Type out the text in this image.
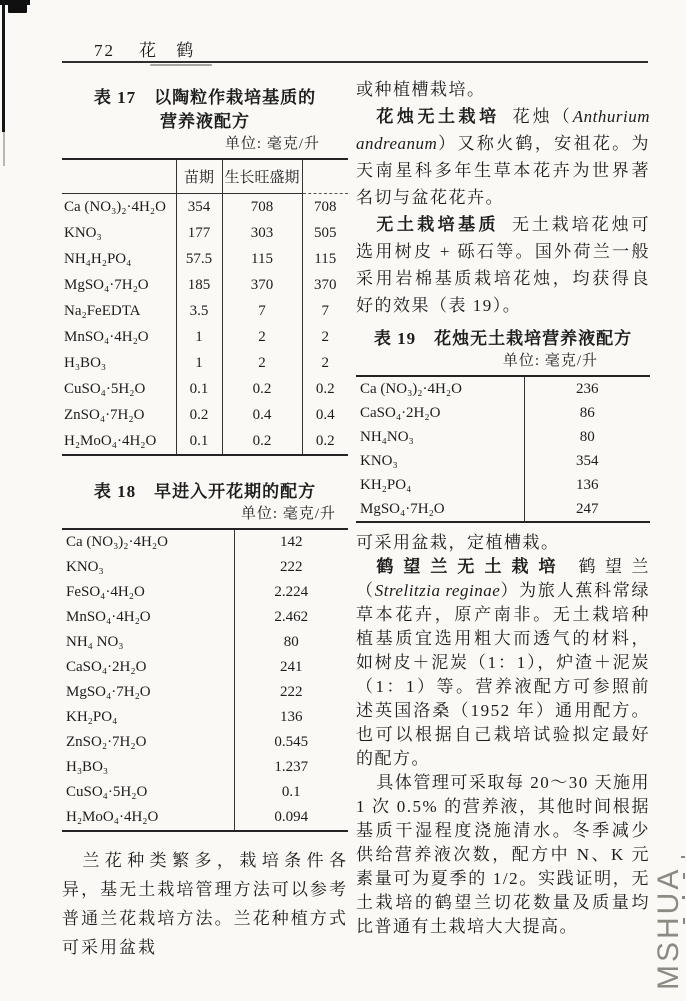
72 花 鹤
表 17　以陶粒作栽培基质的
营养液配方
单位: 毫克/升
	苗期	生长旺盛期	
Ca (NO₃)₂·4H₂O	354	708	708
KNO₃	177	303	505
NH₄H₂PO₄	57.5	115	115
MgSO₄·7H₂O	185	370	370
Na₂FeEDTA	3.5	7	7
MnSO₄·4H₂O	1	2	2
H₃BO₃	1	2	2
CuSO₄·5H₂O	0.1	0.2	0.2
ZnSO₄·7H₂O	0.2	0.4	0.4
H₂MoO₄·4H₂O	0.1	0.2	0.2
表 18　早进入开花期的配方
单位: 毫克/升
Ca (NO₃)₂·4H₂O	142
KNO₃	222
FeSO₄·4H₂O	2.224
MnSO₄·4H₂O	2.462
NH₄ NO₃	80
CaSO₄·2H₂O	241
MgSO₄·7H₂O	222
KH₂PO₄	136
ZnSO₂·7H₂O	0.545
H₃BO₃	1.237
CuSO₄·5H₂O	0.1
H₂MoO₄·4H₂O	0.094

兰花种类繁多，栽培条件各异，基无土栽培管理方法可以参考普通兰花栽培方法。兰花种植方式可采用盆栽

或种植槽栽培。

花烛无土栽培 花烛（Anthurium andreanum）又称火鹤，安祖花。为天南星科多年生草本花卉为世界著名切与盆花花卉。

无土栽培基质 无土栽培花烛可选用树皮 + 砾石等。国外荷兰一般采用岩棉基质栽培花烛，均获得良好的效果（表 19）。

表 19　花烛无土栽培营养液配方
单位: 毫克/升
Ca (NO₃)₂·4H₂O	236
CaSO₄·2H₂O	86
NH₄NO₃	80
KNO₃	354
KH₂PO₄	136
MgSO₄·7H₂O	247

可采用盆栽，定植槽栽。

鹤望兰无土栽培 鹤望兰（Strelitzia reginae）为旅人蕉科常绿草本花卉，原产南非。无土栽培种植基质宜选用粗大而透气的材料，如树皮＋泥炭（1：1），炉渣＋泥炭（1：1）等。营养液配方可参照前述英国洛桑（1952 年）通用配方。也可以根据自己栽培试验拟定最好的配方。

具体管理可采取每 20～30 天施用 1 次 0.5% 的营养液，其他时间根据基质干湿程度浇施清水。冬季减少供给营养液次数，配方中 N、K 元素量可为夏季的 1/2。实践证明，无土栽培的鹤望兰切花数量及质量均比普通有土栽培大大提高。	MSHUA
